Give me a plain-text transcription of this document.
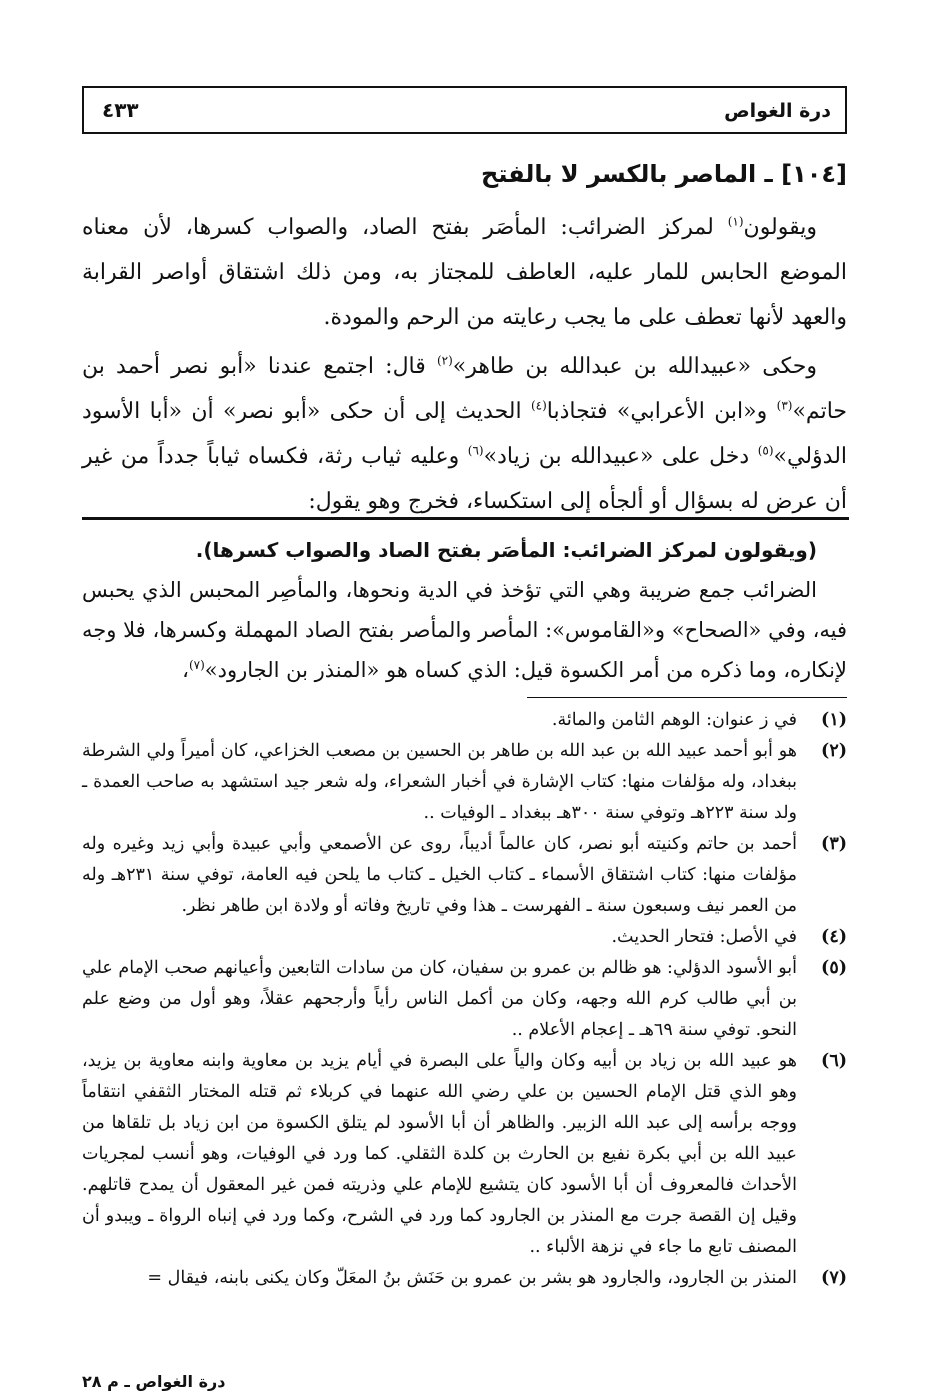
درة الغواص
٤٣٣
[١٠٤] ـ الماصر بالكسر لا بالفتح

ويقولون$^{(١)}$ لمركز الضرائب: المأصَر بفتح الصاد، والصواب كسرها، لأن معناه الموضع الحابس للمار عليه، العاطف للمجتاز به، ومن ذلك اشتقاق أواصر القرابة والعهد لأنها تعطف على ما يجب رعايته من الرحم والمودة.

وحكى «عبيدالله بن عبدالله بن طاهر»$^{(٢)}$ قال: اجتمع عندنا «أبو نصر أحمد بن حاتم»$^{(٣)}$ و«ابن الأعرابي» فتجاذبا$^{(٤)}$ الحديث إلى أن حكى «أبو نصر» أن «أبا الأسود الدؤلي»$^{(٥)}$ دخل على «عبيدالله بن زياد»$^{(٦)}$ وعليه ثياب رثة، فكساه ثياباً جدداً من غير أن عرض له بسؤال أو ألجأه إلى استكساء، فخرج وهو يقول:

(ويقولون لمركز الضرائب: المأصَر بفتح الصاد والصواب كسرها).

الضرائب جمع ضريبة وهي التي تؤخذ في الدية ونحوها، والمأصِر المحبس الذي يحبس فيه، وفي «الصحاح» و«القاموس»: المأصر والمأصر بفتح الصاد المهملة وكسرها، فلا وجه لإنكاره، وما ذكره من أمر الكسوة قيل: الذي كساه هو «المنذر بن الجارود»$^{(٧)}$،

(١)
في ز عنوان: الوهم الثامن والمائة.
(٢)
هو أبو أحمد عبيد الله بن عبد الله بن طاهر بن الحسين بن مصعب الخزاعي، كان أميراً ولي الشرطة ببغداد، وله مؤلفات منها: كتاب الإشارة في أخبار الشعراء، وله شعر جيد استشهد به صاحب العمدة ـ ولد سنة ٢٢٣هـ وتوفي سنة ٣٠٠هـ ببغداد ـ الوفيات ..
(٣)
أحمد بن حاتم وكنيته أبو نصر، كان عالماً أديباً، روى عن الأصمعي وأبي عبيدة وأبي زيد وغيره وله مؤلفات منها: كتاب اشتقاق الأسماء ـ كتاب الخيل ـ كتاب ما يلحن فيه العامة، توفي سنة ٢٣١هـ وله من العمر نيف وسبعون سنة ـ الفهرست ـ هذا وفي تاريخ وفاته أو ولادة ابن طاهر نظر.
(٤)
في الأصل: فتحار الحديث.
(٥)
أبو الأسود الدؤلي: هو ظالم بن عمرو بن سفيان، كان من سادات التابعين وأعيانهم صحب الإمام علي بن أبي طالب كرم الله وجهه، وكان من أكمل الناس رأياً وأرجحهم عقلاً، وهو أول من وضع علم النحو. توفي سنة ٦٩هـ ـ إعجام الأعلام ..
(٦)
هو عبيد الله بن زياد بن أبيه وكان والياً على البصرة في أيام يزيد بن معاوية وابنه معاوية بن يزيد، وهو الذي قتل الإمام الحسين بن علي رضي الله عنهما في كربلاء ثم قتله المختار الثقفي انتقاماً ووجه برأسه إلى عبد الله الزبير. والظاهر أن أبا الأسود لم يتلق الكسوة من ابن زياد بل تلقاها من عبيد الله بن أبي بكرة نفيع بن الحارث بن كلدة الثقلي. كما ورد في الوفيات، وهو أنسب لمجريات الأحداث فالمعروف أن أبا الأسود كان يتشيع للإمام علي وذريته فمن غير المعقول أن يمدح قاتلهم. وقيل إن القصة جرت مع المنذر بن الجارود كما ورد في الشرح، وكما ورد في إنباه الرواة ـ ويبدو أن المصنف تابع ما جاء في نزهة الألباء ..
(٧)
المنذر بن الجارود، والجارود هو بشر بن عمرو بن حَنَش بنُ المعَلّ وكان يكنى بابنه، فيقال =
درة الغواص ـ م ٢٨
